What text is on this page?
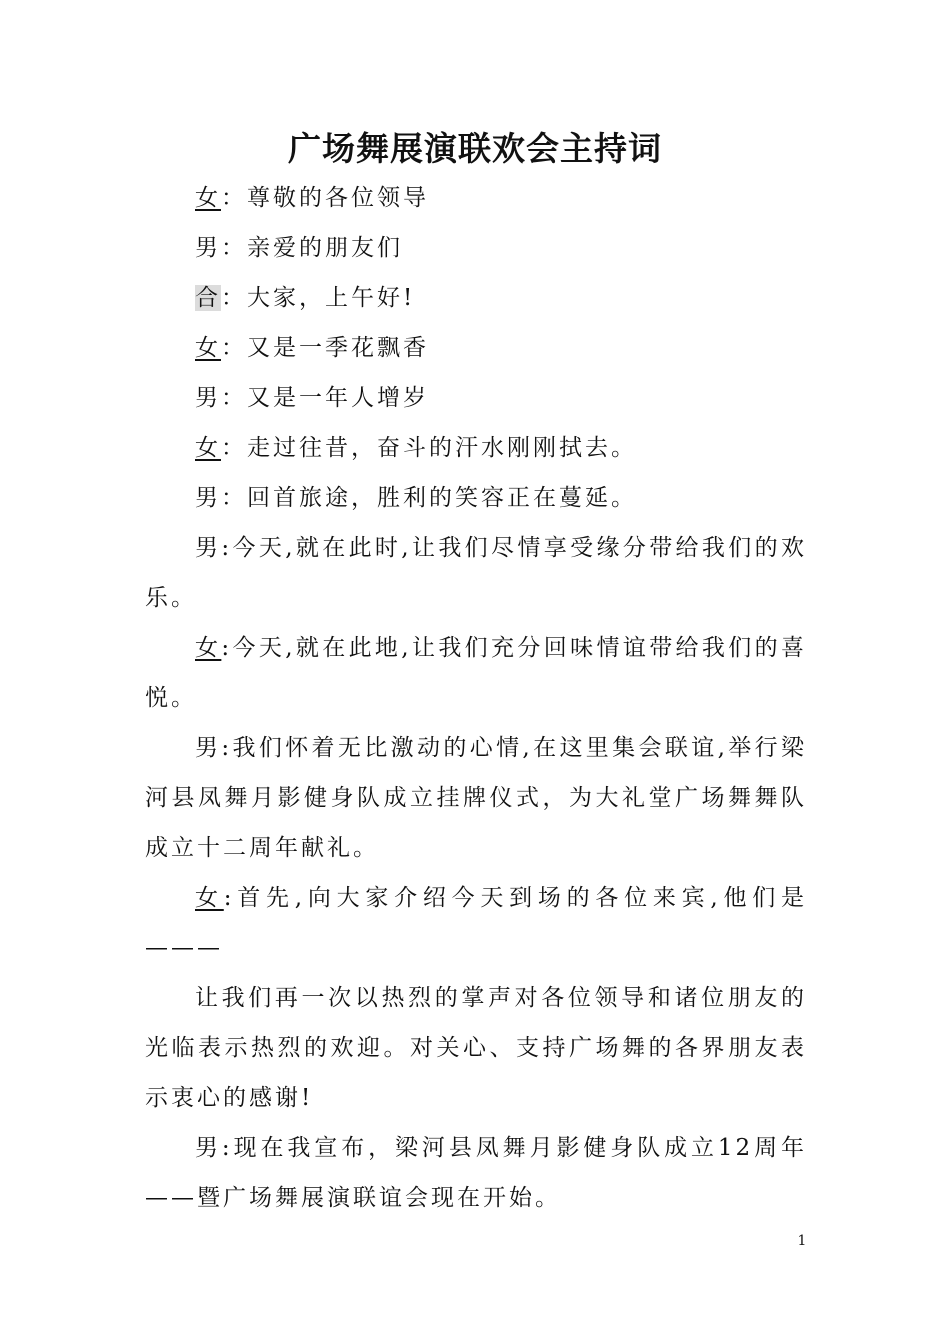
广场舞展演联欢会主持词

女：尊敬的各位领导

男：亲爱的朋友们

合：大家，上午好!

女：又是一季花飘香

男：又是一年人增岁

女：走过往昔，奋斗的汗水刚刚拭去。

男：回首旅途，胜利的笑容正在蔓延。

男:今天,就在此时,让我们尽情享受缘分带给我们的欢乐。

女:今天,就在此地,让我们充分回味情谊带给我们的喜悦。

男:我们怀着无比激动的心情,在这里集会联谊,举行梁河县凤舞月影健身队成立挂牌仪式，为大礼堂广场舞舞队成立十二周年献礼。

女:首先,向大家介绍今天到场的各位来宾,他们是———

让我们再一次以热烈的掌声对各位领导和诸位朋友的光临表示热烈的欢迎。对关心、支持广场舞的各界朋友表示衷心的感谢!

男:现在我宣布，梁河县凤舞月影健身队成立12周年——暨广场舞展演联谊会现在开始。

1
